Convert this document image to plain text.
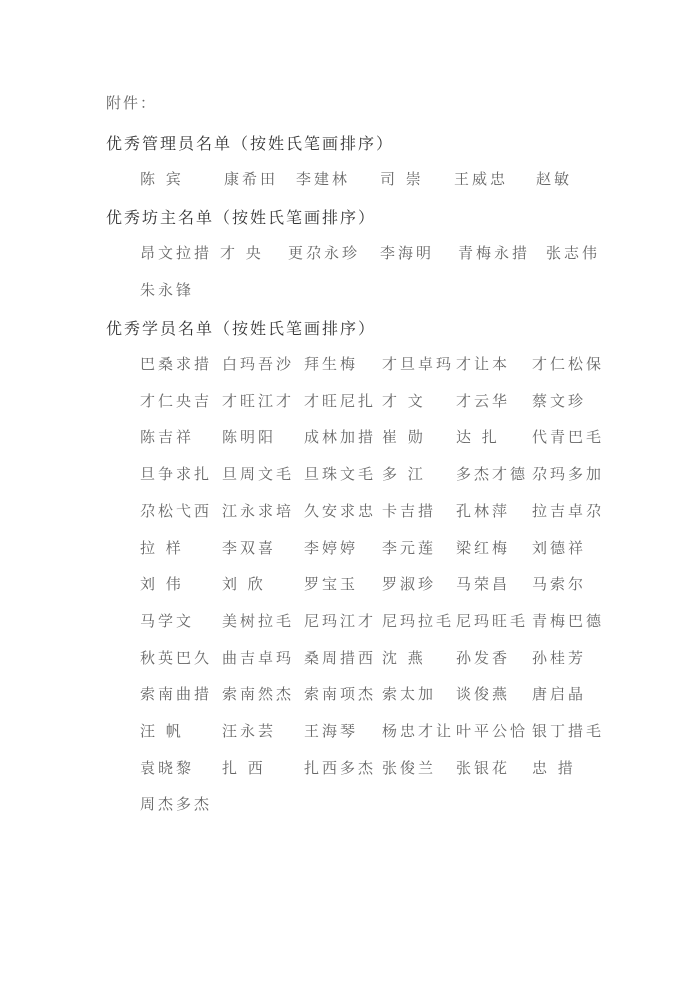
附件：
优秀管理员名单（按姓氏笔画排序）
陈 宾	康希田 李建林 司 崇 王威忠 赵敏
优秀坊主名单（按姓氏笔画排序）
昂文拉措 才 央 更尕永珍 李海明 青梅永措 张志伟
朱永锋
优秀学员名单（按姓氏笔画排序）
巴桑求措 白玛吾沙 拜生梅 才旦卓玛 才让本 才仁松保
才仁央吉 才旺江才 才旺尼扎 才 文 才云华 蔡文珍
陈吉祥 陈明阳 成林加措 崔 勋 达 扎 代青巴毛
旦争求扎 旦周文毛 旦珠文毛 多 江 多杰才德 尕玛多加
尕松弋西 江永求培 久安求忠 卡吉措 孔林萍 拉吉卓尕
拉 样	李双喜 李婷婷 李元莲 梁红梅 刘德祥
刘 伟	刘 欣	罗宝玉 罗淑珍 马荣昌 马索尔
马学文 美树拉毛 尼玛江才 尼玛拉毛 尼玛旺毛 青梅巴德
秋英巴久 曲吉卓玛 桑周措西 沈 燕 孙发香 孙桂芳
索南曲措 索南然杰 索南项杰 索太加 谈俊燕 唐启晶
汪 帆	汪永芸 王海琴 杨忠才让 叶平公恰 银丁措毛
袁晓黎 扎 西	扎西多杰 张俊兰 张银花 忠 措
周杰多杰
